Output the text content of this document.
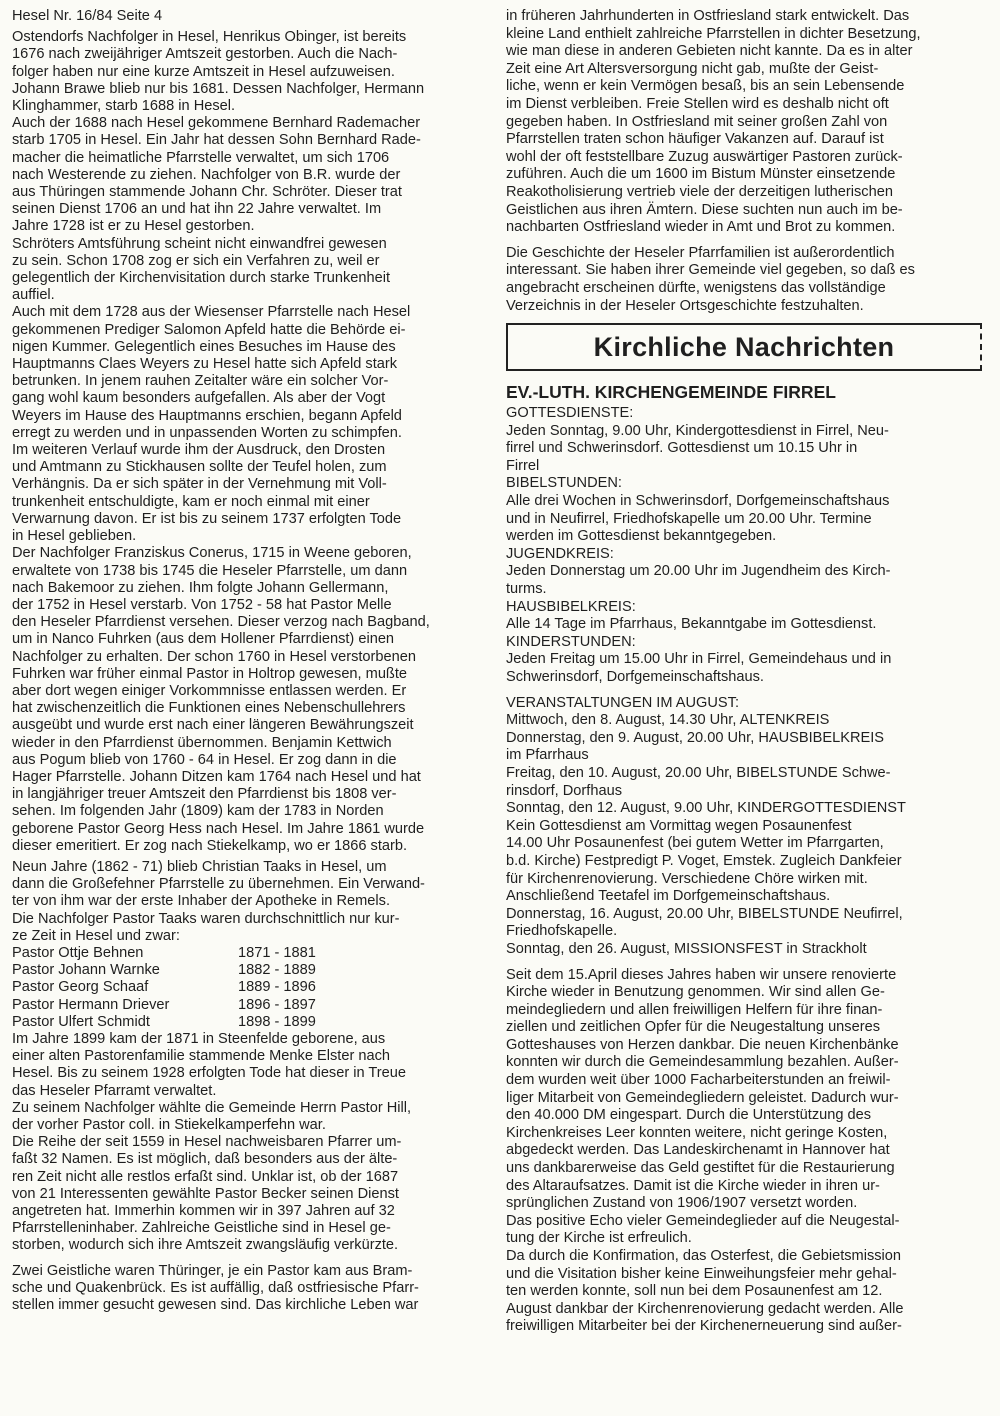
Hesel Nr. 16/84 Seite 4
Ostendorfs Nachfolger in Hesel, Henrikus Obinger, ist bereits
1676 nach zweijähriger Amtszeit gestorben. Auch die Nach-
folger haben nur eine kurze Amtszeit in Hesel aufzuweisen.
Johann Brawe blieb nur bis 1681. Dessen Nachfolger, Hermann
Klinghammer, starb 1688 in Hesel.
Auch der 1688 nach Hesel gekommene Bernhard Rademacher
starb 1705 in Hesel. Ein Jahr hat dessen Sohn Bernhard Rade-
macher die heimatliche Pfarrstelle verwaltet, um sich 1706
nach Westerende zu ziehen. Nachfolger von B.R. wurde der
aus Thüringen stammende Johann Chr. Schröter. Dieser trat
seinen Dienst 1706 an und hat ihn 22 Jahre verwaltet. Im
Jahre 1728 ist er zu Hesel gestorben.
Schröters Amtsführung scheint nicht einwandfrei gewesen
zu sein. Schon 1708 zog er sich ein Verfahren zu, weil er
gelegentlich der Kirchenvisitation durch starke Trunkenheit
auffiel.
Auch mit dem 1728 aus der Wiesenser Pfarrstelle nach Hesel
gekommenen Prediger Salomon Apfeld hatte die Behörde ei-
nigen Kummer. Gelegentlich eines Besuches im Hause des
Hauptmanns Claes Weyers zu Hesel hatte sich Apfeld stark
betrunken. In jenem rauhen Zeitalter wäre ein solcher Vor-
gang wohl kaum besonders aufgefallen. Als aber der Vogt
Weyers im Hause des Hauptmanns erschien, begann Apfeld
erregt zu werden und in unpassenden Worten zu schimpfen.
Im weiteren Verlauf wurde ihm der Ausdruck, den Drosten
und Amtmann zu Stickhausen sollte der Teufel holen, zum
Verhängnis. Da er sich später in der Vernehmung mit Voll-
trunkenheit entschuldigte, kam er noch einmal mit einer
Verwarnung davon. Er ist bis zu seinem 1737 erfolgten Tode
in Hesel geblieben.
Der Nachfolger Franziskus Conerus, 1715 in Weene geboren,
erwaltete von 1738 bis 1745 die Heseler Pfarrstelle, um dann
nach Bakemoor zu ziehen. Ihm folgte Johann Gellermann,
der 1752 in Hesel verstarb. Von 1752 - 58 hat Pastor Melle
den Heseler Pfarrdienst versehen. Dieser verzog nach Bagband,
um in Nanco Fuhrken (aus dem Hollener Pfarrdienst) einen
Nachfolger zu erhalten. Der schon 1760 in Hesel verstorbenen
Fuhrken war früher einmal Pastor in Holtrop gewesen, mußte
aber dort wegen einiger Vorkommnisse entlassen werden. Er
hat zwischenzeitlich die Funktionen eines Nebenschullehrers
ausgeübt und wurde erst nach einer längeren Bewährungszeit
wieder in den Pfarrdienst übernommen. Benjamin Kettwich
aus Pogum blieb von 1760 - 64 in Hesel. Er zog dann in die
Hager Pfarrstelle. Johann Ditzen kam 1764 nach Hesel und hat
in langjähriger treuer Amtszeit den Pfarrdienst bis 1808 ver-
sehen. Im folgenden Jahr (1809) kam der 1783 in Norden
geborene Pastor Georg Hess nach Hesel. Im Jahre 1861 wurde
dieser emeritiert. Er zog nach Stiekelkamp, wo er 1866 starb.
Neun Jahre (1862 - 71) blieb Christian Taaks in Hesel, um
dann die Großefehner Pfarrstelle zu übernehmen. Ein Verwand-
ter von ihm war der erste Inhaber der Apotheke in Remels.
Die Nachfolger Pastor Taaks waren durchschnittlich nur kur-
ze Zeit in Hesel und zwar:
Pastor Ottje Behnen	1871 - 1881
Pastor Johann Warnke	1882 - 1889
Pastor Georg Schaaf	1889 - 1896
Pastor Hermann Driever	1896 - 1897
Pastor Ulfert Schmidt	1898 - 1899
Im Jahre 1899 kam der 1871 in Steenfelde geborene, aus
einer alten Pastorenfamilie stammende Menke Elster nach
Hesel. Bis zu seinem 1928 erfolgten Tode hat dieser in Treue
das Heseler Pfarramt verwaltet.
Zu seinem Nachfolger wählte die Gemeinde Herrn Pastor Hill,
der vorher Pastor coll. in Stiekelkamperfehn war.
Die Reihe der seit 1559 in Hesel nachweisbaren Pfarrer um-
faßt 32 Namen. Es ist möglich, daß besonders aus der älte-
ren Zeit nicht alle restlos erfaßt sind. Unklar ist, ob der 1687
von 21 Interessenten gewählte Pastor Becker seinen Dienst
angetreten hat. Immerhin kommen wir in 397 Jahren auf 32
Pfarrstelleninhaber. Zahlreiche Geistliche sind in Hesel ge-
storben, wodurch sich ihre Amtszeit zwangsläufig verkürzte.
Zwei Geistliche waren Thüringer, je ein Pastor kam aus Bram-
sche und Quakenbrück. Es ist auffällig, daß ostfriesische Pfarr-
stellen immer gesucht gewesen sind. Das kirchliche Leben war
in früheren Jahrhunderten in Ostfriesland stark entwickelt. Das
kleine Land enthielt zahlreiche Pfarrstellen in dichter Besetzung,
wie man diese in anderen Gebieten nicht kannte. Da es in alter
Zeit eine Art Altersversorgung nicht gab, mußte der Geist-
liche, wenn er kein Vermögen besaß, bis an sein Lebensende
im Dienst verbleiben. Freie Stellen wird es deshalb nicht oft
gegeben haben. In Ostfriesland mit seiner großen Zahl von
Pfarrstellen traten schon häufiger Vakanzen auf. Darauf ist
wohl der oft feststellbare Zuzug auswärtiger Pastoren zurück-
zuführen. Auch die um 1600 im Bistum Münster einsetzende
Reakotholisierung vertrieb viele der derzeitigen lutherischen
Geistlichen aus ihren Ämtern. Diese suchten nun auch im be-
nachbarten Ostfriesland wieder in Amt und Brot zu kommen.
Die Geschichte der Heseler Pfarrfamilien ist außerordentlich
interessant. Sie haben ihrer Gemeinde viel gegeben, so daß es
angebracht erscheinen dürfte, wenigstens das vollständige
Verzeichnis in der Heseler Ortsgeschichte festzuhalten.
Kirchliche Nachrichten
EV.-LUTH. KIRCHENGEMEINDE FIRREL
GOTTESDIENSTE:
Jeden Sonntag, 9.00 Uhr, Kindergottesdienst in Firrel, Neu-
firrel und Schwerinsdorf. Gottesdienst um 10.15 Uhr in
Firrel
BIBELSTUNDEN:
Alle drei Wochen in Schwerinsdorf, Dorfgemeinschaftshaus
und in Neufirrel, Friedhofskapelle um 20.00 Uhr. Termine
werden im Gottesdienst bekanntgegeben.
JUGENDKREIS:
Jeden Donnerstag um 20.00 Uhr im Jugendheim des Kirch-
turms.
HAUSBIBELKREIS:
Alle 14 Tage im Pfarrhaus, Bekanntgabe im Gottesdienst.
KINDERSTUNDEN:
Jeden Freitag um 15.00 Uhr in Firrel, Gemeindehaus und in
Schwerinsdorf, Dorfgemeinschaftshaus.
VERANSTALTUNGEN IM AUGUST:
Mittwoch, den 8. August, 14.30 Uhr, ALTENKREIS
Donnerstag, den 9. August, 20.00 Uhr, HAUSBIBELKREIS
im Pfarrhaus
Freitag, den 10. August, 20.00 Uhr, BIBELSTUNDE Schwe-
rinsdorf, Dorfhaus
Sonntag, den 12. August, 9.00 Uhr, KINDERGOTTESDIENST
Kein Gottesdienst am Vormittag wegen Posaunenfest
14.00 Uhr Posaunenfest (bei gutem Wetter im Pfarrgarten,
b.d. Kirche) Festpredigt P. Voget, Emstek. Zugleich Dankfeier
für Kirchenrenovierung. Verschiedene Chöre wirken mit.
Anschließend Teetafel im Dorfgemeinschaftshaus.
Donnerstag, 16. August, 20.00 Uhr, BIBELSTUNDE Neufirrel,
Friedhofskapelle.
Sonntag, den 26. August, MISSIONSFEST in Strackholt
Seit dem 15.April dieses Jahres haben wir unsere renovierte
Kirche wieder in Benutzung genommen. Wir sind allen Ge-
meindegliedern und allen freiwilligen Helfern für ihre finan-
ziellen und zeitlichen Opfer für die Neugestaltung unseres
Gotteshauses von Herzen dankbar. Die neuen Kirchenbänke
konnten wir durch die Gemeindesammlung bezahlen. Außer-
dem wurden weit über 1000 Facharbeiterstunden an freiwil-
liger Mitarbeit von Gemeindegliedern geleistet. Dadurch wur-
den 40.000 DM eingespart. Durch die Unterstützung des
Kirchenkreises Leer konnten weitere, nicht geringe Kosten,
abgedeckt werden. Das Landeskirchenamt in Hannover hat
uns dankbarerweise das Geld gestiftet für die Restaurierung
des Altaraufsatzes. Damit ist die Kirche wieder in ihren ur-
sprünglichen Zustand von 1906/1907 versetzt worden.
Das positive Echo vieler Gemeindeglieder auf die Neugestal-
tung der Kirche ist erfreulich.
Da durch die Konfirmation, das Osterfest, die Gebietsmission
und die Visitation bisher keine Einweihungsfeier mehr gehal-
ten werden konnte, soll nun bei dem Posaunenfest am 12.
August dankbar der Kirchenrenovierung gedacht werden. Alle
freiwilligen Mitarbeiter bei der Kirchenerneuerung sind außer-
